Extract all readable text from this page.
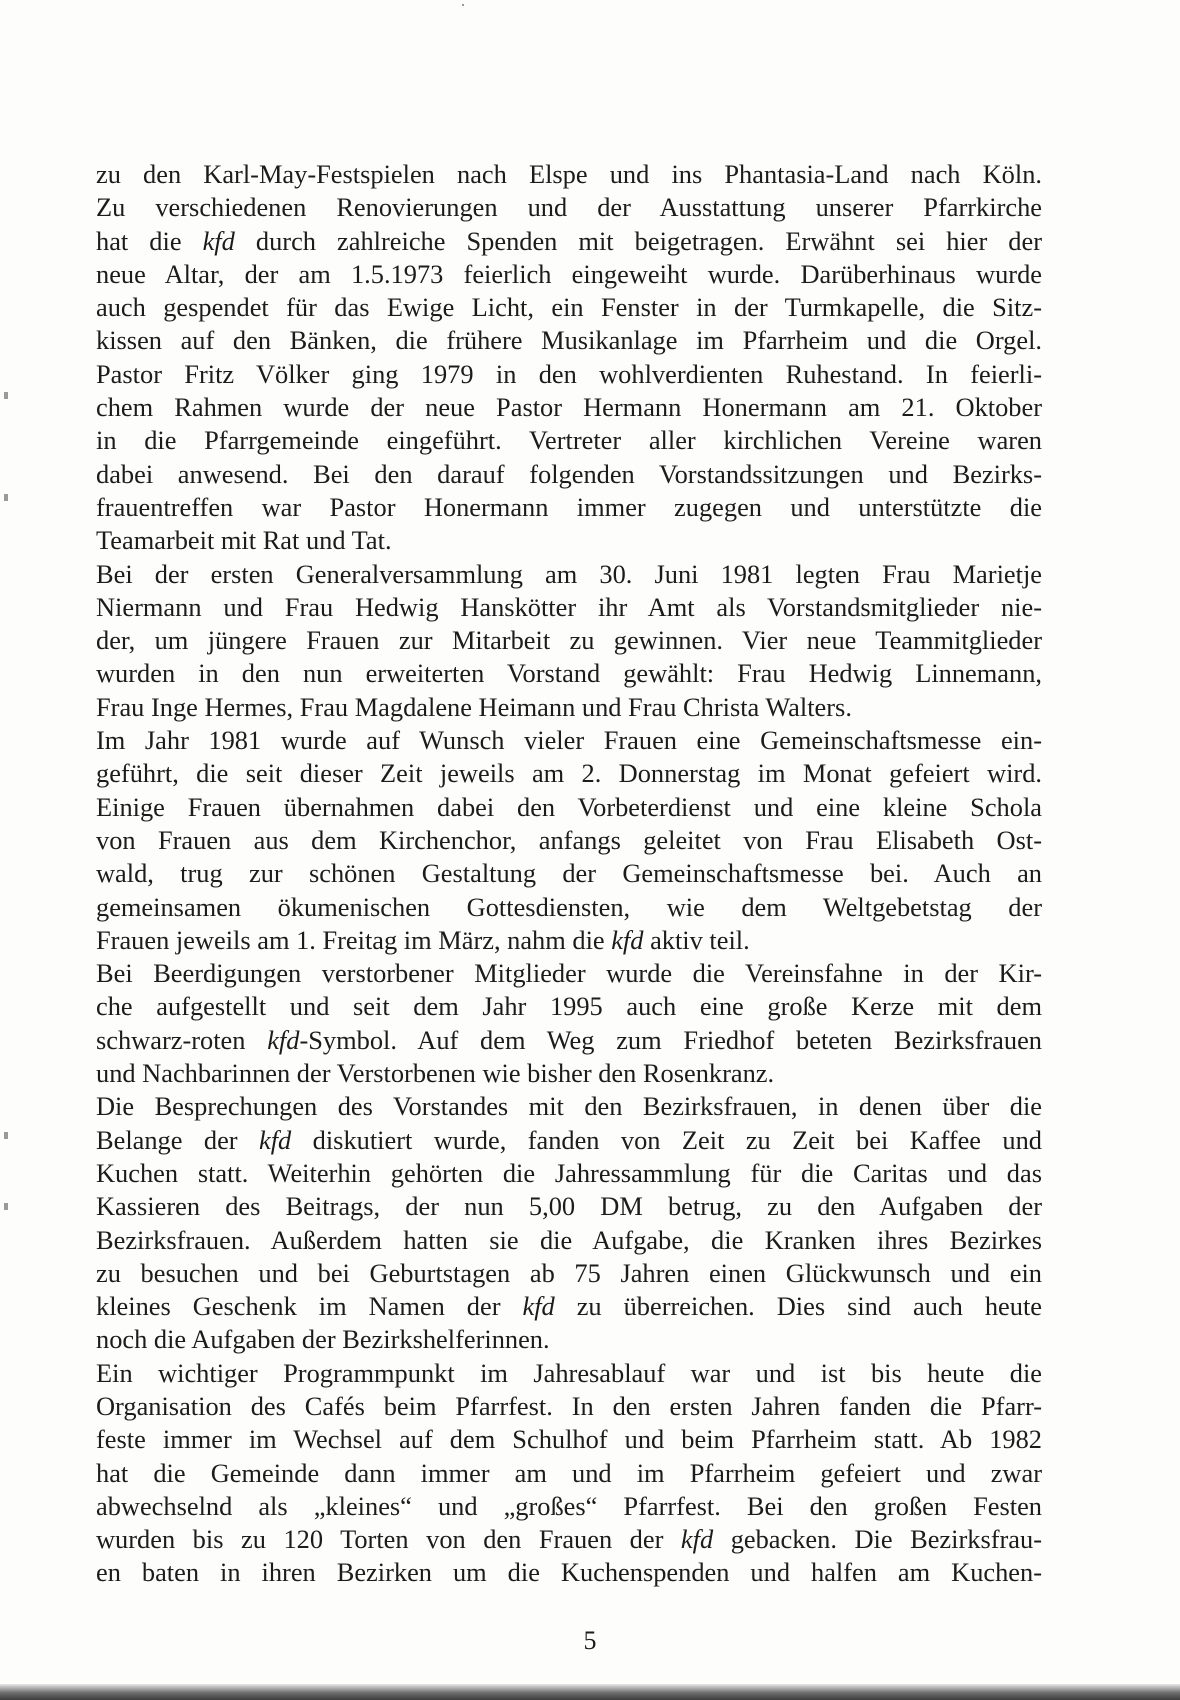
zu den Karl-May-Festspielen nach Elspe und ins Phantasia-Land nach Köln.
Zu verschiedenen Renovierungen und der Ausstattung unserer Pfarrkirche
hat die kfd durch zahlreiche Spenden mit beigetragen. Erwähnt sei hier der
neue Altar, der am 1.5.1973 feierlich eingeweiht wurde. Darüberhinaus wurde
auch gespendet für das Ewige Licht, ein Fenster in der Turmkapelle, die Sitz-
kissen auf den Bänken, die frühere Musikanlage im Pfarrheim und die Orgel.
Pastor Fritz Völker ging 1979 in den wohlverdienten Ruhestand. In feierli-
chem Rahmen wurde der neue Pastor Hermann Honermann am 21. Oktober
in die Pfarrgemeinde eingeführt. Vertreter aller kirchlichen Vereine waren
dabei anwesend. Bei den darauf folgenden Vorstandssitzungen und Bezirks-
frauentreffen war Pastor Honermann immer zugegen und unterstützte die
Teamarbeit mit Rat und Tat.
Bei der ersten Generalversammlung am 30. Juni 1981 legten Frau Marietje
Niermann und Frau Hedwig Hanskötter ihr Amt als Vorstandsmitglieder nie-
der, um jüngere Frauen zur Mitarbeit zu gewinnen. Vier neue Teammitglieder
wurden in den nun erweiterten Vorstand gewählt: Frau Hedwig Linnemann,
Frau Inge Hermes, Frau Magdalene Heimann und Frau Christa Walters.
Im Jahr 1981 wurde auf Wunsch vieler Frauen eine Gemeinschaftsmesse ein-
geführt, die seit dieser Zeit jeweils am 2. Donnerstag im Monat gefeiert wird.
Einige Frauen übernahmen dabei den Vorbeterdienst und eine kleine Schola
von Frauen aus dem Kirchenchor, anfangs geleitet von Frau Elisabeth Ost-
wald, trug zur schönen Gestaltung der Gemeinschaftsmesse bei. Auch an
gemeinsamen ökumenischen Gottesdiensten, wie dem Weltgebetstag der
Frauen jeweils am 1. Freitag im März, nahm die kfd aktiv teil.
Bei Beerdigungen verstorbener Mitglieder wurde die Vereinsfahne in der Kir-
che aufgestellt und seit dem Jahr 1995 auch eine große Kerze mit dem
schwarz-roten kfd-Symbol. Auf dem Weg zum Friedhof beteten Bezirksfrauen
und Nachbarinnen der Verstorbenen wie bisher den Rosenkranz.
Die Besprechungen des Vorstandes mit den Bezirksfrauen, in denen über die
Belange der kfd diskutiert wurde, fanden von Zeit zu Zeit bei Kaffee und
Kuchen statt. Weiterhin gehörten die Jahressammlung für die Caritas und das
Kassieren des Beitrags, der nun 5,00 DM betrug, zu den Aufgaben der
Bezirksfrauen. Außerdem hatten sie die Aufgabe, die Kranken ihres Bezirkes
zu besuchen und bei Geburtstagen ab 75 Jahren einen Glückwunsch und ein
kleines Geschenk im Namen der kfd zu überreichen. Dies sind auch heute
noch die Aufgaben der Bezirkshelferinnen.
Ein wichtiger Programmpunkt im Jahresablauf war und ist bis heute die
Organisation des Cafés beim Pfarrfest. In den ersten Jahren fanden die Pfarr-
feste immer im Wechsel auf dem Schulhof und beim Pfarrheim statt. Ab 1982
hat die Gemeinde dann immer am und im Pfarrheim gefeiert und zwar
abwechselnd als „kleines“ und „großes“ Pfarrfest. Bei den großen Festen
wurden bis zu 120 Torten von den Frauen der kfd gebacken. Die Bezirksfrau-
en baten in ihren Bezirken um die Kuchenspenden und halfen am Kuchen-
5
